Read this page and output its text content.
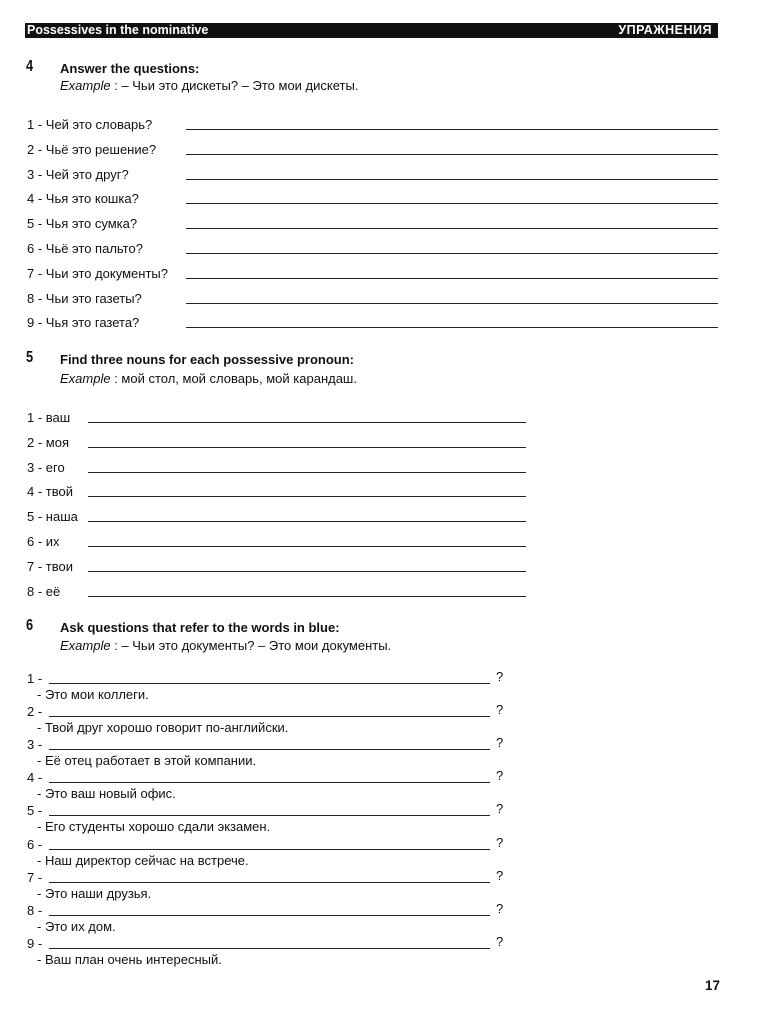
Possessives in the nominative	УПРАЖНЕНИЯ
4 Answer the questions:
Example : – Чьи это дискеты? – Это мои дискеты.
1 - Чей это словарь?
2 - Чьё это решение?
3 - Чей это друг?
4 - Чья это кошка?
5 - Чья это сумка?
6 - Чьё это пальто?
7 - Чьи это документы?
8 - Чьи это газеты?
9 - Чья это газета?
5 Find three nouns for each possessive pronoun:
Example : мой стол, мой словарь, мой карандаш.
1 - ваш
2 - моя
3 - его
4 - твой
5 - наша
6 - их
7 - твои
8 - её
6 Ask questions that refer to the words in blue:
Example : – Чьи это документы? – Это мои документы.
1 -	?
- Это мои коллеги.
2 -	?
- Твой друг хорошо говорит по-английски.
3 -	?
- Её отец работает в этой компании.
4 -	?
- Это ваш новый офис.
5 -	?
- Его студенты хорошо сдали экзамен.
6 -	?
- Наш директор сейчас на встрече.
7 -	?
- Это наши друзья.
8 -	?
- Это их дом.
9 -	?
- Ваш план очень интересный.
17
